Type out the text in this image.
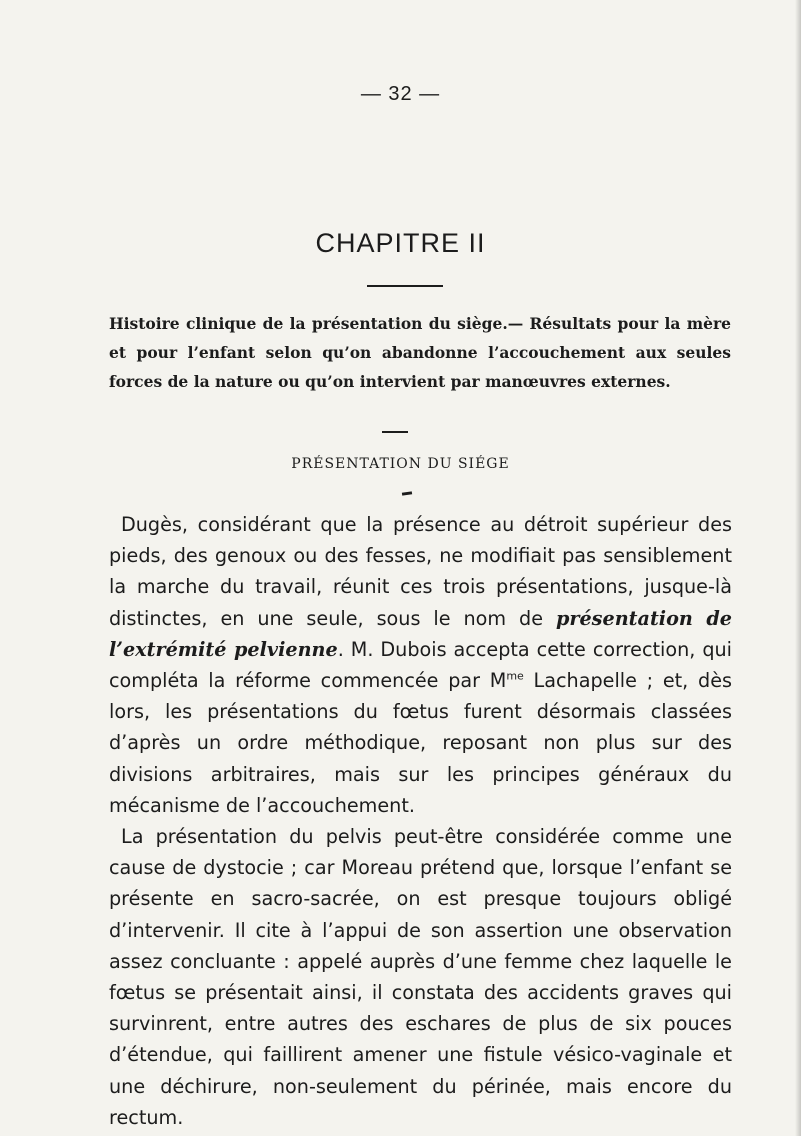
— 32 —
CHAPITRE II
Histoire clinique de la présentation du siège.— Résultats pour la mère et pour l’enfant selon qu’on abandonne l’accouchement aux seules forces de la nature ou qu’on intervient par manœuvres externes.
PRÉSENTATION DU SIÉGE

Dugès, considérant que la présence au détroit supérieur des pieds, des genoux ou des fesses, ne modifiait pas sensiblement la marche du travail, réunit ces trois présentations, jusque-là distinctes, en une seule, sous le nom de présentation de l’extrémité pelvienne. M. Dubois accepta cette correction, qui compléta la réforme commencée par $M^{me}$ Lachapelle ; et, dès lors, les présentations du fœtus furent désormais classées d’après un ordre méthodique, reposant non plus sur des divisions arbitraires, mais sur les principes généraux du mécanisme de l’accouchement.

La présentation du pelvis peut-être considérée comme une cause de dystocie ; car Moreau prétend que, lorsque l’enfant se présente en sacro-sacrée, on est presque toujours obligé d’intervenir. Il cite à l’appui de son assertion une observation assez concluante : appelé auprès d’une femme chez laquelle le fœtus se présentait ainsi, il constata des accidents graves qui survinrent, entre autres des eschares de plus de six pouces d’étendue, qui faillirent amener une fistule vésico-vaginale et une déchirure, non-seulement du périnée, mais encore du rectum.
